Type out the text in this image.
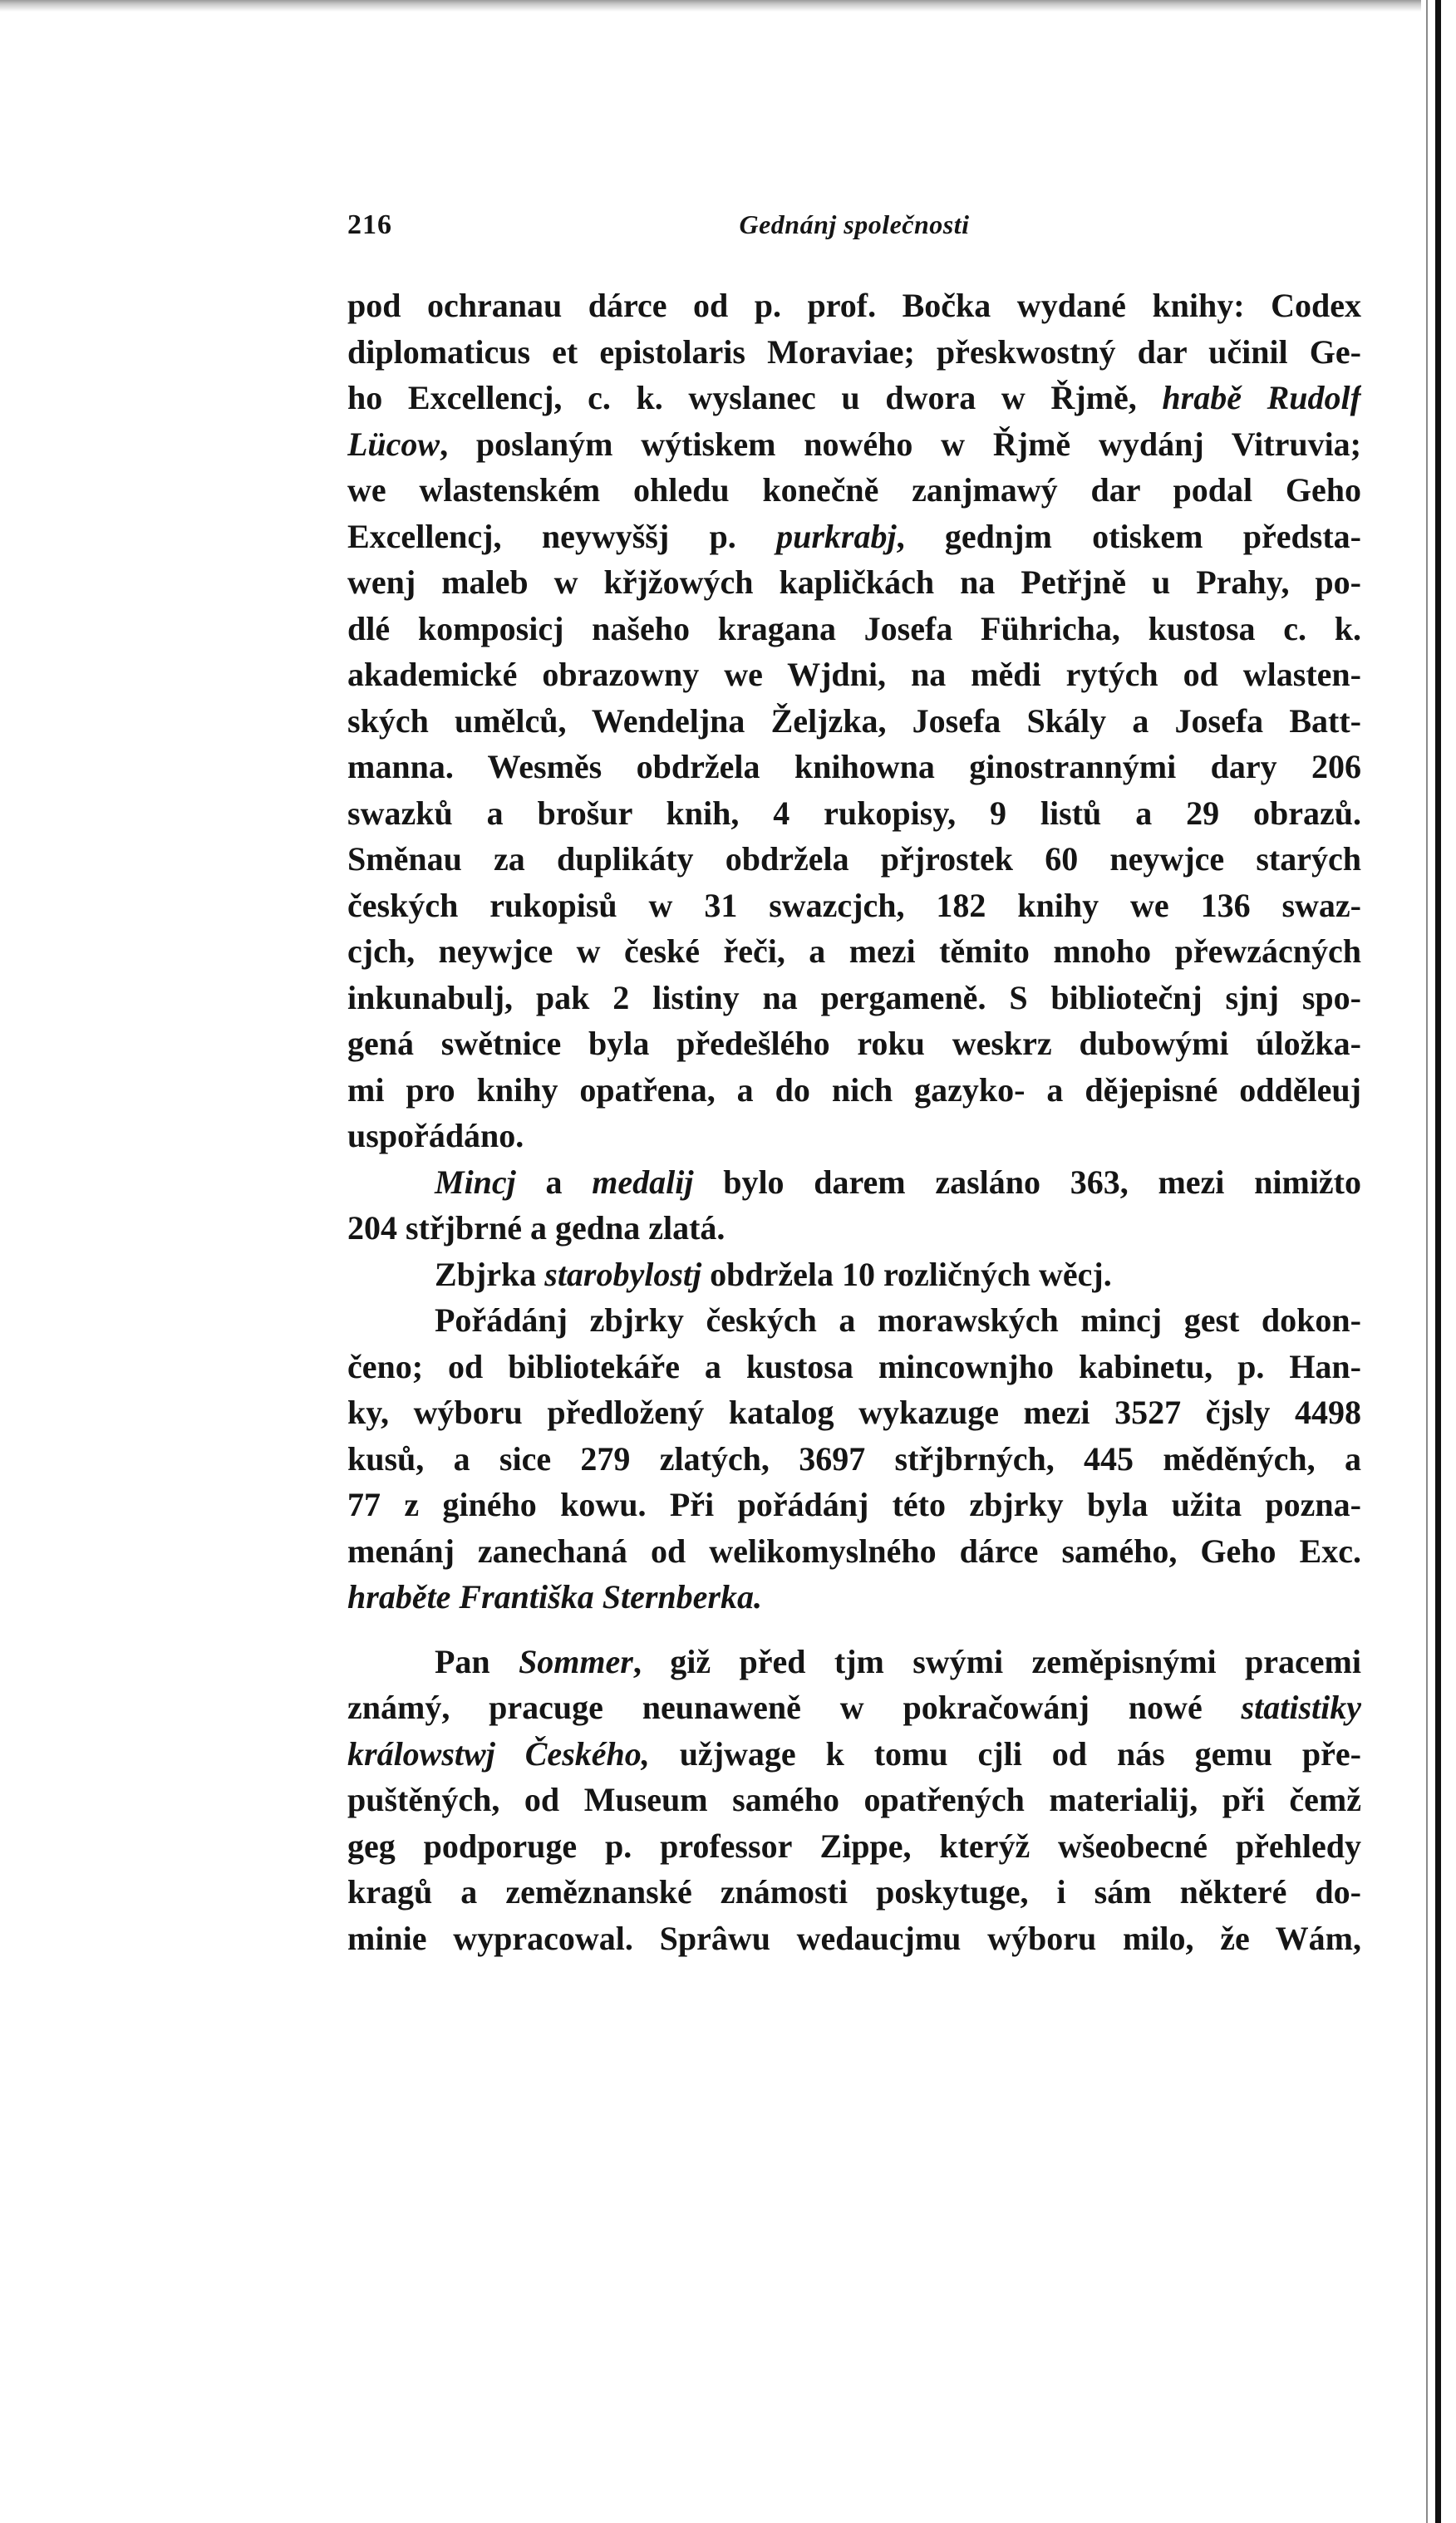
Gednánj společnosti
216
pod ochranau dárce od p. prof. Bočka wydané knihy: Codex
diplomaticus et epistolaris Moraviae; přeskwostný dar učinil Ge-
ho Excellencj, c. k. wyslanec u dwora w Řjmě, hrabě Rudolf
Lücow, poslaným wýtiskem nowého w Řjmě wydánj Vitruvia;
we wlastenském ohledu konečně zanjmawý dar podal Geho
Excellencj, neywyššj p. purkrabj, gednjm otiskem předsta-
wenj maleb w křjžowých kapličkách na Petřjně u Prahy, po-
dlé komposicj našeho kragana Josefa Führicha, kustosa c. k.
akademické obrazowny we Wjdni, na mědi rytých od wlasten-
ských umělců, Wendeljna Željzka, Josefa Skály a Josefa Batt-
manna. Wesměs obdržela knihowna ginostrannými dary 206
swazků a brošur knih, 4 rukopisy, 9 listů a 29 obrazů.
Směnau za duplikáty obdržela přjrostek 60 neywjce starých
českých rukopisů w 31 swazcjch, 182 knihy we 136 swaz-
cjch, neywjce w české řeči, a mezi těmito mnoho přewzácných
inkunabulj, pak 2 listiny na pergameně. S bibliotečnj sjnj spo-
gená swětnice byla předešlého roku weskrz dubowými úložka-
mi pro knihy opatřena, a do nich gazyko- a dějepisné odděleuj
uspořádáno.
Mincj a medalij bylo darem zasláno 363, mezi nimižto
204 střjbrné a gedna zlatá.
Zbjrka starobylostj obdržela 10 rozličných wěcj.
Pořádánj zbjrky českých a morawských mincj gest dokon-
čeno; od bibliotekáře a kustosa mincownjho kabinetu, p. Han-
ky, wýboru předložený katalog wykazuge mezi 3527 čjsly 4498
kusů, a sice 279 zlatých, 3697 střjbrných, 445 měděných, a
77 z giného kowu. Při pořádánj této zbjrky byla užita pozna-
menánj zanechaná od welikomyslného dárce samého, Geho Exc.
hraběte Františka Sternberka.
Pan Sommer, giž před tjm swými zeměpisnými pracemi
známý, pracuge neunaweně w pokračowánj nowé statistiky
králowstwj Českého, užjwage k tomu cjli od nás gemu pře-
puštěných, od Museum samého opatřených materialij, při čemž
geg podporuge p. professor Zippe, kterýž wšeobecné přehledy
kragů a zeměznanské známosti poskytuge, i sám některé do-
minie wypracowal. Sprâwu wedaucjmu wýboru milo, že Wám,
